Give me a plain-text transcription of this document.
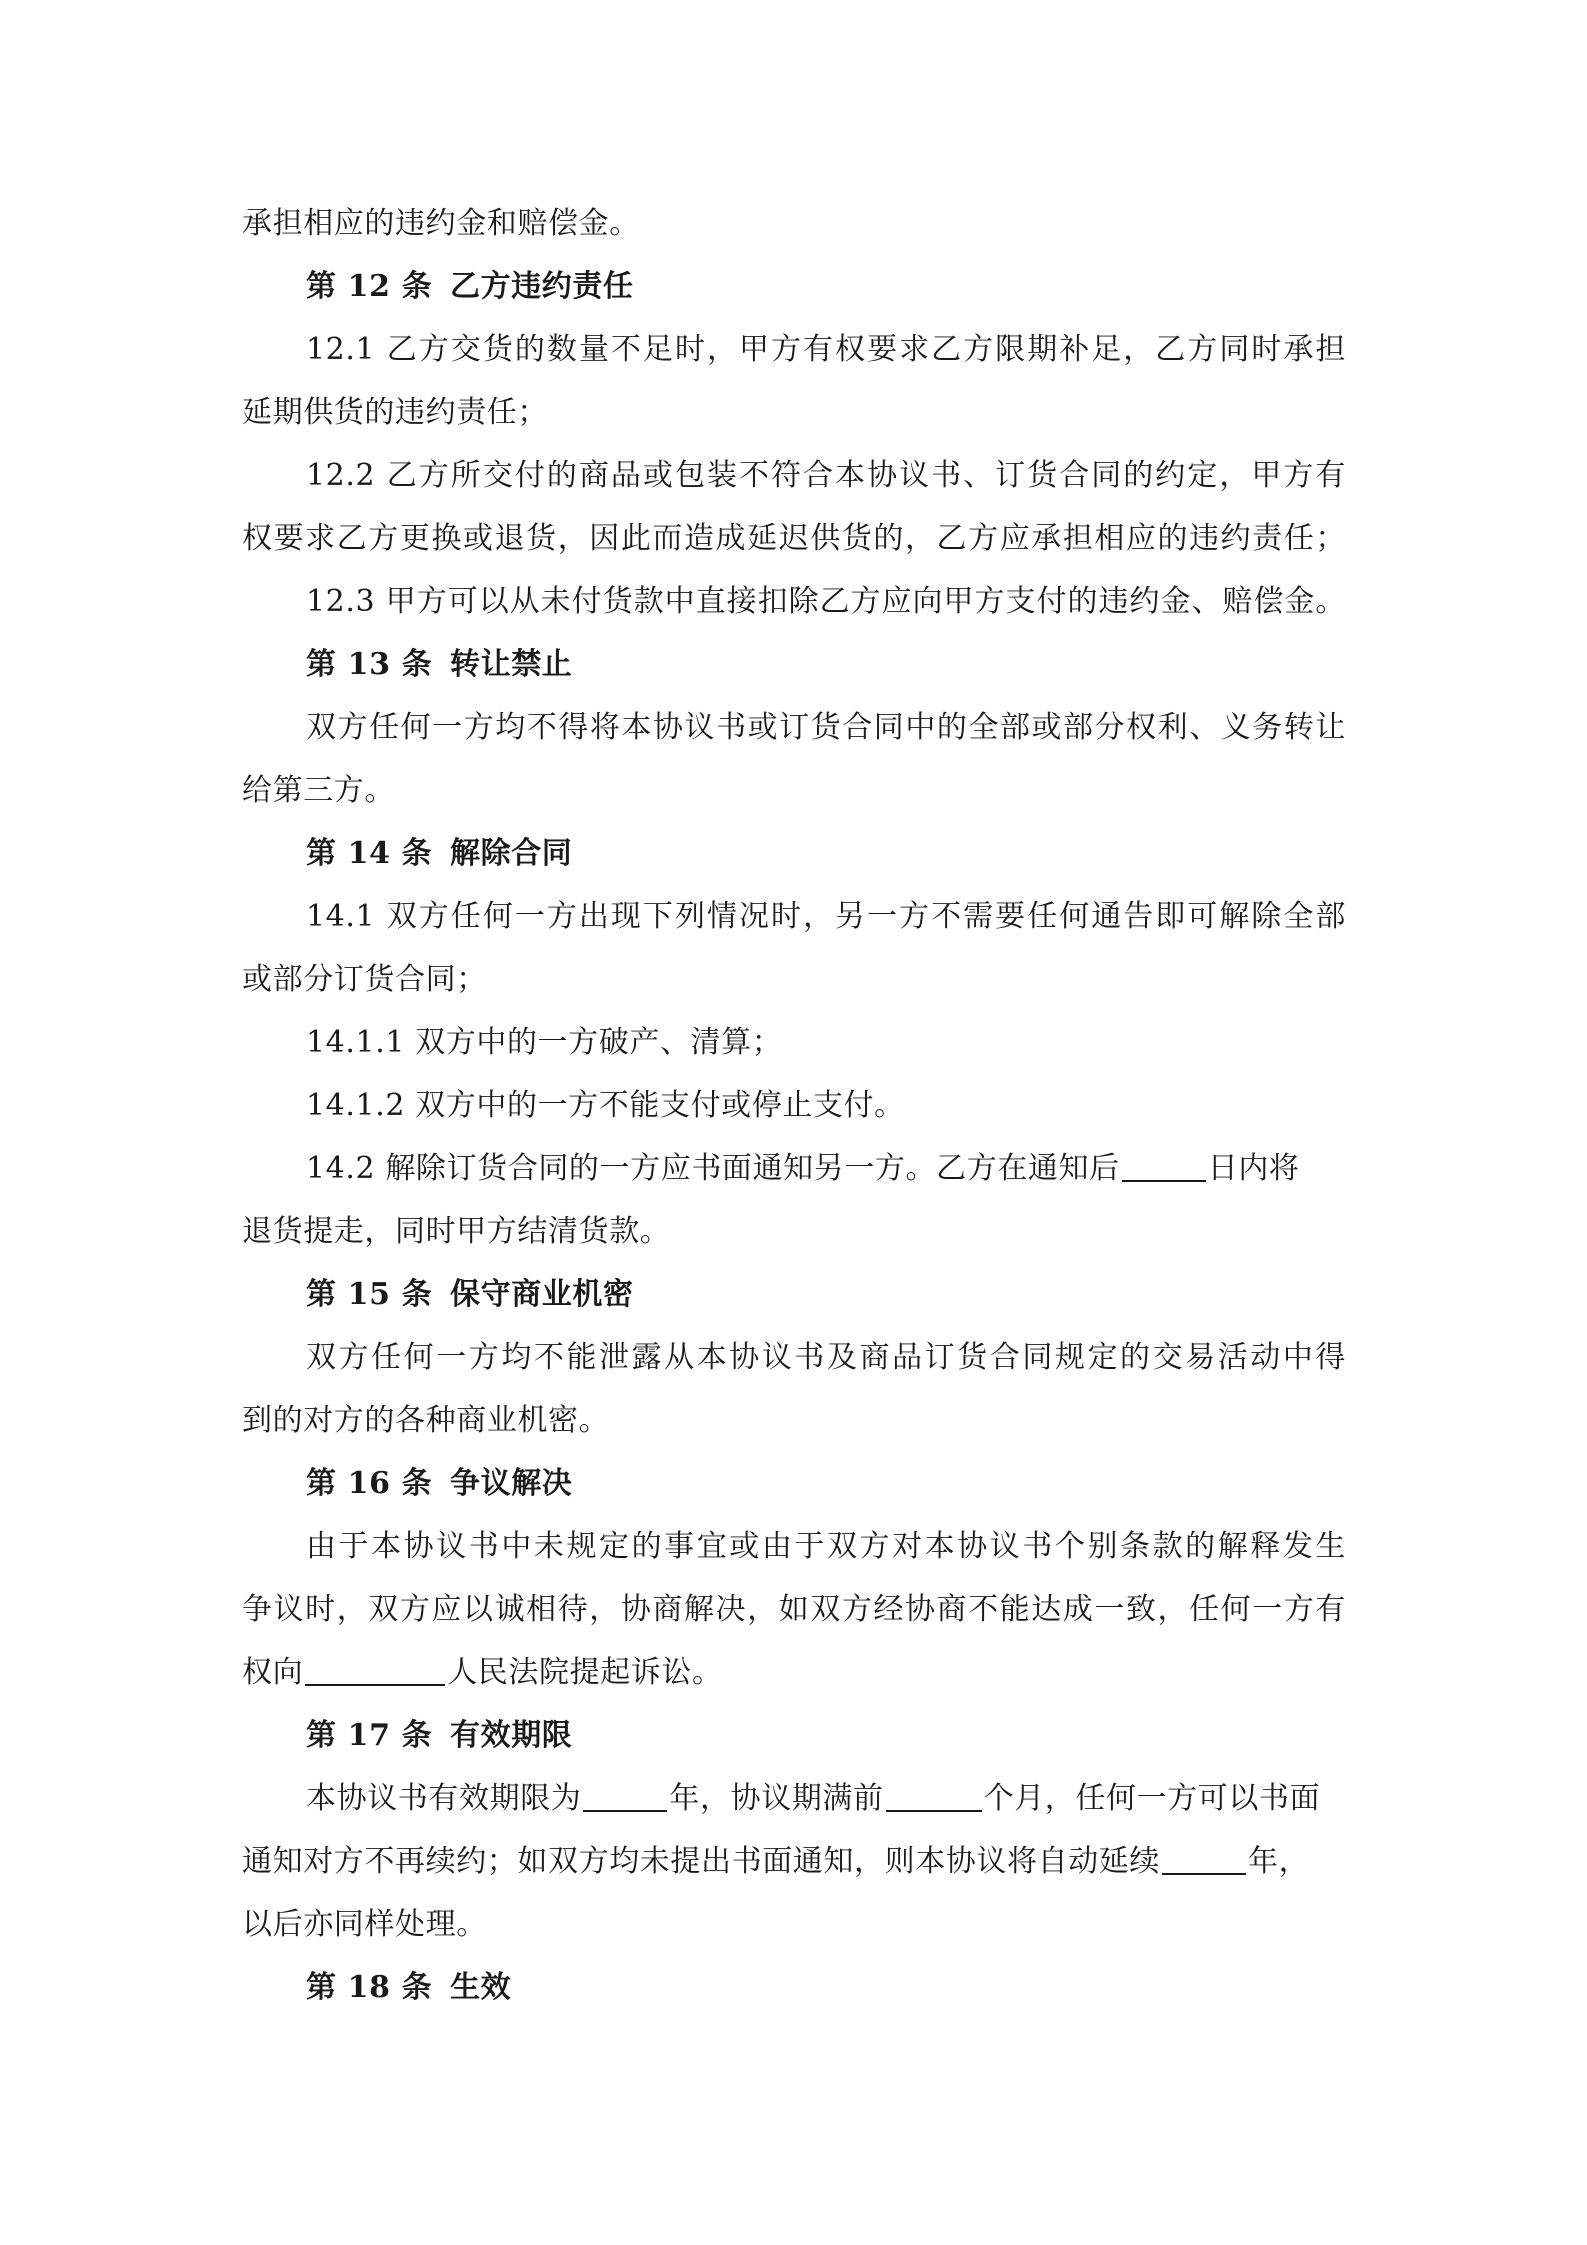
承担相应的违约金和赔偿金。
第 12 条 乙方违约责任
12.1 乙方交货的数量不足时，甲方有权要求乙方限期补足，乙方同时承担
延期供货的违约责任；
12.2 乙方所交付的商品或包装不符合本协议书、订货合同的约定，甲方有
权要求乙方更换或退货，因此而造成延迟供货的，乙方应承担相应的违约责任；
12.3 甲方可以从未付货款中直接扣除乙方应向甲方支付的违约金、赔偿金。
第 13 条 转让禁止
双方任何一方均不得将本协议书或订货合同中的全部或部分权利、义务转让
给第三方。
第 14 条 解除合同
14.1 双方任何一方出现下列情况时，另一方不需要任何通告即可解除全部
或部分订货合同；
14.1.1 双方中的一方破产、清算；
14.1.2 双方中的一方不能支付或停止支付。
14.2 解除订货合同的一方应书面通知另一方。乙方在通知后	日内将
退货提走，同时甲方结清货款。
第 15 条 保守商业机密
双方任何一方均不能泄露从本协议书及商品订货合同规定的交易活动中得
到的对方的各种商业机密。
第 16 条 争议解决
由于本协议书中未规定的事宜或由于双方对本协议书个别条款的解释发生
争议时，双方应以诚相待，协商解决，如双方经协商不能达成一致，任何一方有
权向	人民法院提起诉讼。
第 17 条 有效期限
本协议书有效期限为	年，协议期满前	个月，任何一方可以书面
通知对方不再续约；如双方均未提出书面通知，则本协议将自动延续	年，
以后亦同样处理。
第 18 条 生效
